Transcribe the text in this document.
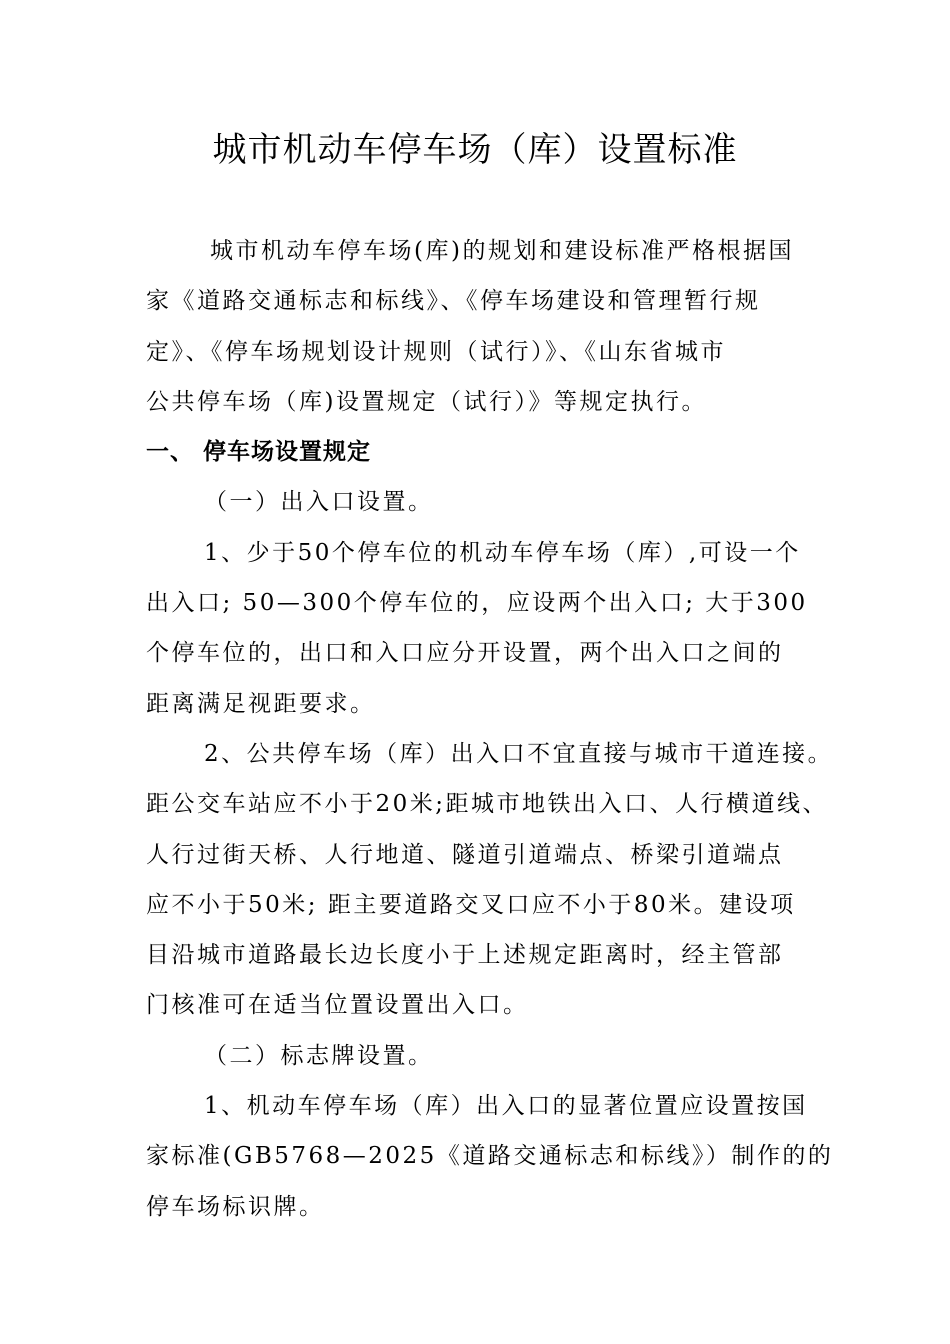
城市机动车停车场（库）设置标准

城市机动车停车场(库)的规划和建设标准严格根据国
家《道路交通标志和标线》、《停车场建设和管理暂行规
定》、《停车场规划设计规则（试行）》、《山东省城市
公共停车场（库)设置规定（试行）》等规定执行。

一、 停车场设置规定

（一）出入口设置。

1、少于50个停车位的机动车停车场（库）,可设一个
出入口; 50—300个停车位的，应设两个出入口; 大于300
个停车位的，出口和入口应分开设置，两个出入口之间的
距离满足视距要求。

2、公共停车场（库）出入口不宜直接与城市干道连接。
距公交车站应不小于20米;距城市地铁出入口、人行横道线、
人行过街天桥、人行地道、隧道引道端点、桥梁引道端点
应不小于50米; 距主要道路交叉口应不小于80米。建设项
目沿城市道路最长边长度小于上述规定距离时，经主管部
门核准可在适当位置设置出入口。

（二）标志牌设置。

1、机动车停车场（库）出入口的显著位置应设置按国
家标准(GB5768—2025《道路交通标志和标线》）制作的的
停车场标识牌。
